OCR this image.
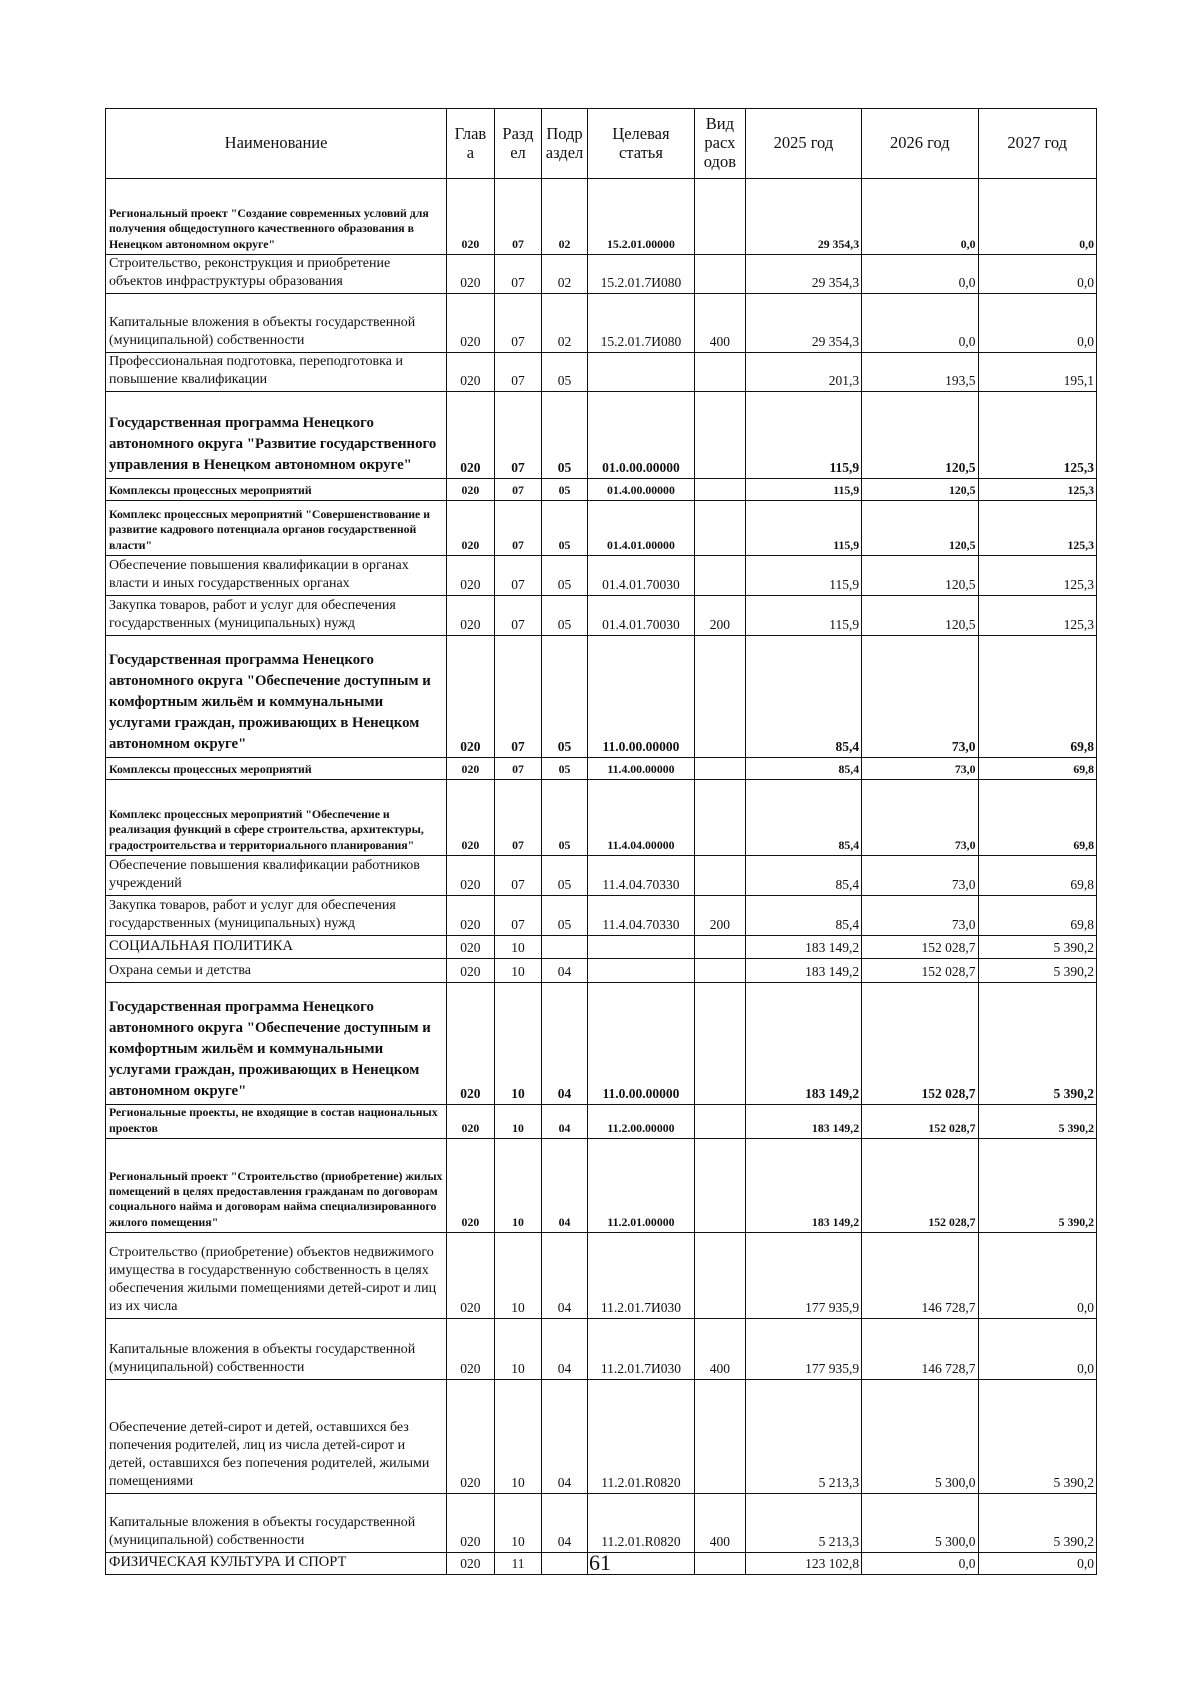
Наименование	Глав а	Разд ел	Подр аздел	Целевая статья	Вид расх одов	2025 год	2026 год	2027 год
Региональный проект "Создание современных условий для получения общедоступного качественного образования в Ненецком автономном округе"	020	07	02	15.2.01.00000		29 354,3	0,0	0,0
Строительство, реконструкция и приобретение объектов инфраструктуры образования	020	07	02	15.2.01.7И080		29 354,3	0,0	0,0
Капитальные вложения в объекты государственной (муниципальной) собственности	020	07	02	15.2.01.7И080	400	29 354,3	0,0	0,0
Профессиональная подготовка, переподготовка и повышение квалификации	020	07	05			201,3	193,5	195,1
Государственная программа Ненецкого автономного округа "Развитие государственного управления в Ненецком автономном округе"	020	07	05	01.0.00.00000		115,9	120,5	125,3
Комплексы процессных мероприятий	020	07	05	01.4.00.00000		115,9	120,5	125,3
Комплекс процессных мероприятий "Совершенствование и развитие кадрового потенциала органов государственной власти"	020	07	05	01.4.01.00000		115,9	120,5	125,3
Обеспечение повышения квалификации в органах власти и иных государственных органах	020	07	05	01.4.01.70030		115,9	120,5	125,3
Закупка товаров, работ и услуг для обеспечения государственных (муниципальных) нужд	020	07	05	01.4.01.70030	200	115,9	120,5	125,3
Государственная программа Ненецкого автономного округа "Обеспечение доступным и комфортным жильём и коммунальными услугами граждан, проживающих в Ненецком автономном округе"	020	07	05	11.0.00.00000		85,4	73,0	69,8
Комплексы процессных мероприятий	020	07	05	11.4.00.00000		85,4	73,0	69,8
Комплекс процессных мероприятий "Обеспечение и реализация функций в сфере строительства, архитектуры, градостроительства и территориального планирования"	020	07	05	11.4.04.00000		85,4	73,0	69,8
Обеспечение повышения квалификации работников учреждений	020	07	05	11.4.04.70330		85,4	73,0	69,8
Закупка товаров, работ и услуг для обеспечения государственных (муниципальных) нужд	020	07	05	11.4.04.70330	200	85,4	73,0	69,8
СОЦИАЛЬНАЯ ПОЛИТИКА	020	10				183 149,2	152 028,7	5 390,2
Охрана семьи и детства	020	10	04			183 149,2	152 028,7	5 390,2
Государственная программа Ненецкого автономного округа "Обеспечение доступным и комфортным жильём и коммунальными услугами граждан, проживающих в Ненецком автономном округе"	020	10	04	11.0.00.00000		183 149,2	152 028,7	5 390,2
Региональные проекты, не входящие в состав национальных проектов	020	10	04	11.2.00.00000		183 149,2	152 028,7	5 390,2
Региональный проект "Строительство (приобретение) жилых помещений в целях предоставления гражданам по договорам социального найма и договорам найма специализированного жилого помещения"	020	10	04	11.2.01.00000		183 149,2	152 028,7	5 390,2
Строительство (приобретение) объектов недвижимого имущества в государственную собственность в целях обеспечения жилыми помещениями детей-сирот и лиц из их числа	020	10	04	11.2.01.7И030		177 935,9	146 728,7	0,0
Капитальные вложения в объекты государственной (муниципальной) собственности	020	10	04	11.2.01.7И030	400	177 935,9	146 728,7	0,0
Обеспечение детей-сирот и детей, оставшихся без попечения родителей, лиц из числа детей-сирот и детей, оставшихся без попечения родителей, жилыми помещениями	020	10	04	11.2.01.R0820		5 213,3	5 300,0	5 390,2
Капитальные вложения в объекты государственной (муниципальной) собственности	020	10	04	11.2.01.R0820	400	5 213,3	5 300,0	5 390,2
ФИЗИЧЕСКАЯ КУЛЬТУРА И СПОРТ	020	11				123 102,8	0,0	0,0
61
